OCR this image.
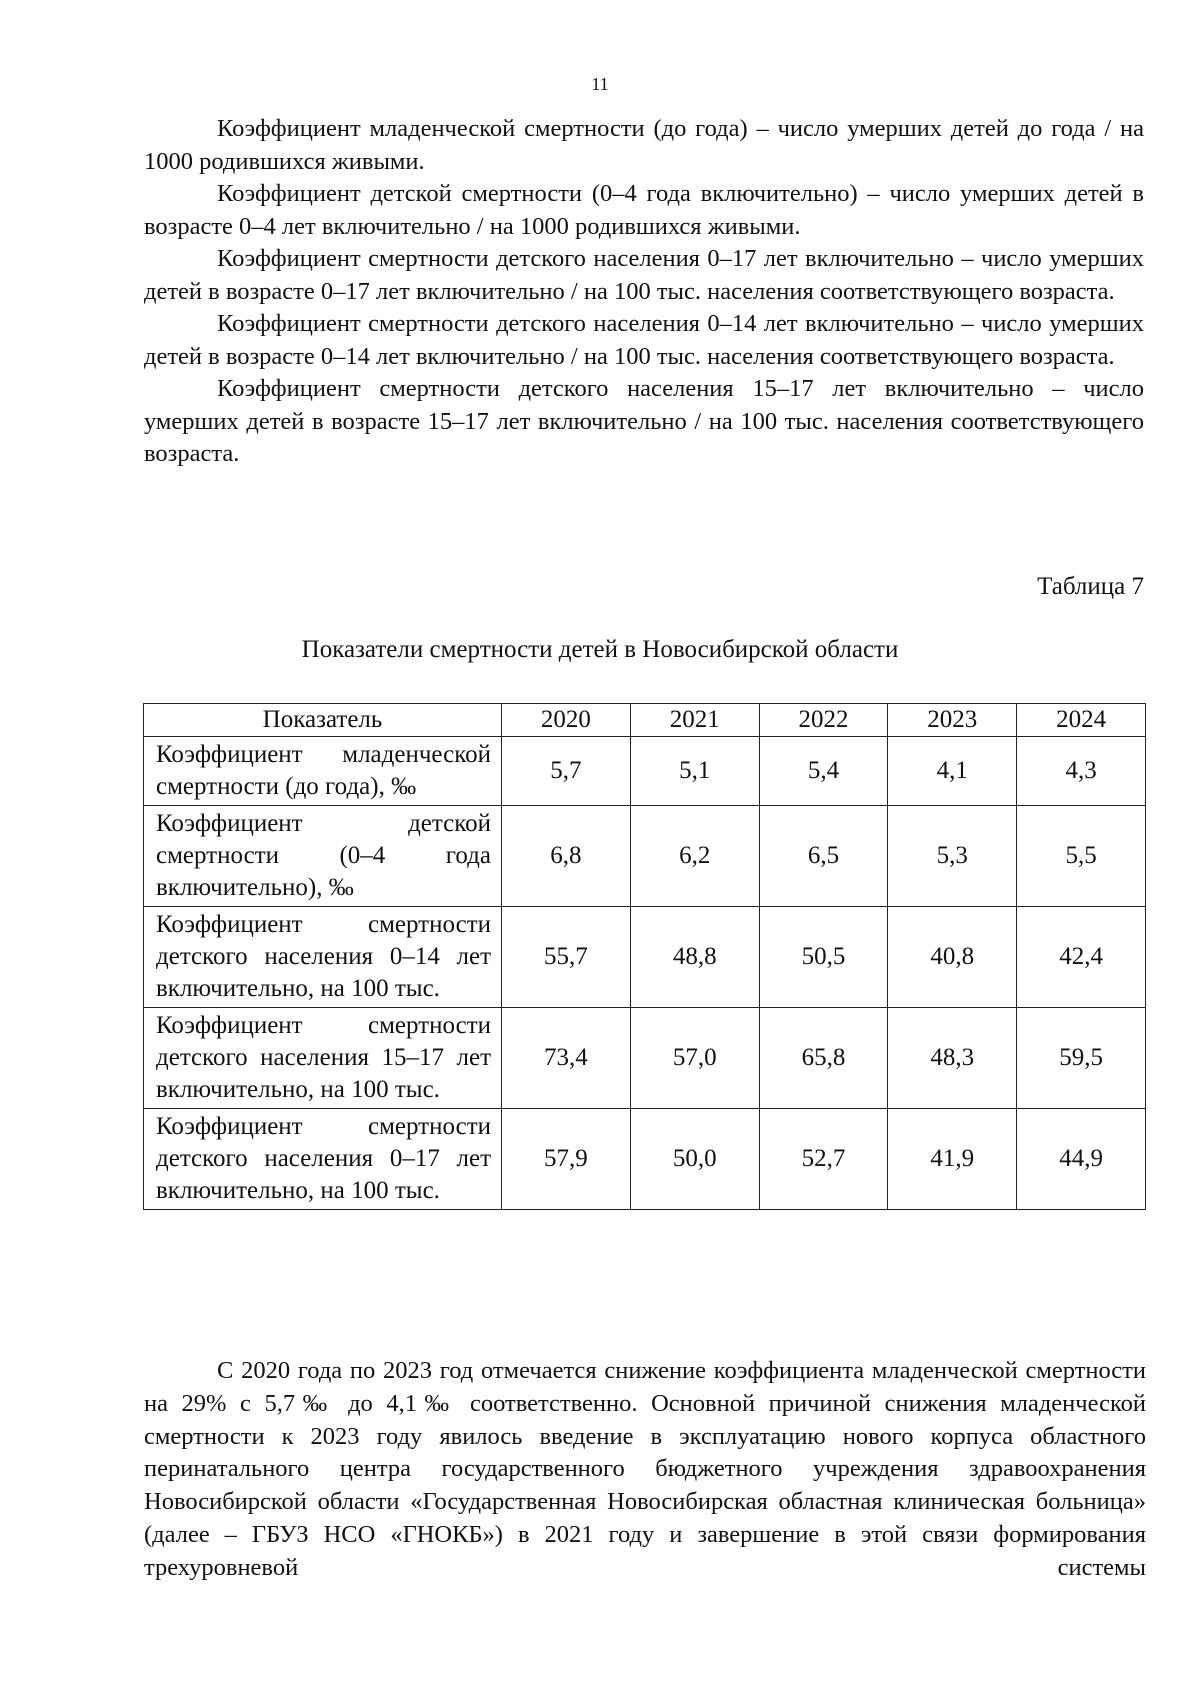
11

Коэффициент младенческой смертности (до года) – число умерших детей до года / на 1000 родившихся живыми.

Коэффициент детской смертности (0–4 года включительно) – число умерших детей в возрасте 0–4 лет включительно / на 1000 родившихся живыми.

Коэффициент смертности детского населения 0–17 лет включительно – число умерших детей в возрасте 0–17 лет включительно / на 100 тыс. населения соответствующего возраста.

Коэффициент смертности детского населения 0–14 лет включительно – число умерших детей в возрасте 0–14 лет включительно / на 100 тыс. населения соответствующего возраста.

Коэффициент смертности детского населения 15–17 лет включительно – число умерших детей в возрасте 15–17 лет включительно / на 100 тыс. населения соответствующего возраста.

Таблица 7
Показатели смертности детей в Новосибирской области
Показатель	2020	2021	2022	2023	2024
Коэффициент младенческой смертности (до года), ‰	5,7	5,1	5,4	4,1	4,3
Коэффициент детской смертности (0–4 года включительно), ‰	6,8	6,2	6,5	5,3	5,5
Коэффициент смертности детского населения 0–14 лет включительно, на 100 тыс.	55,7	48,8	50,5	40,8	42,4
Коэффициент смертности детского населения 15–17 лет включительно, на 100 тыс.	73,4	57,0	65,8	48,3	59,5
Коэффициент смертности детского населения 0–17 лет включительно, на 100 тыс.	57,9	50,0	52,7	41,9	44,9

С 2020 года по 2023 год отмечается снижение коэффициента младенческой смертности на 29% с 5,7‰ до 4,1‰ соответственно. Основной причиной снижения младенческой смертности к 2023 году явилось введение в эксплуатацию нового корпуса областного перинатального центра государственного бюджетного учреждения здравоохранения Новосибирской области «Государственная Новосибирская областная клиническая больница» (далее – ГБУЗ НСО «ГНОКБ») в 2021 году и завершение в этой связи формирования трехуровневой системы
